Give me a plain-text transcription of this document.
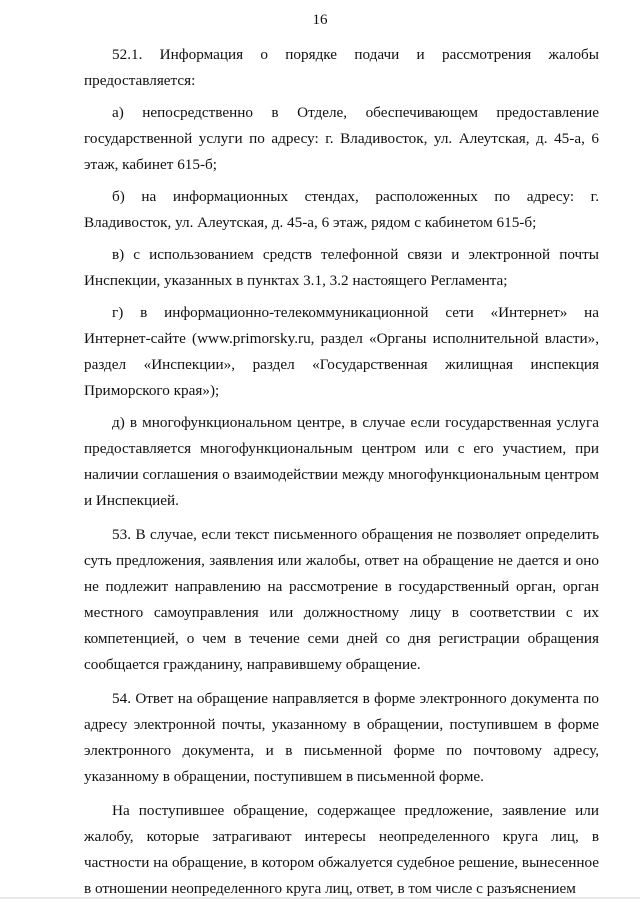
16

52.1. Информация о порядке подачи и рассмотрения жалобы предоставляется:

а) непосредственно в Отделе, обеспечивающем предоставление государственной услуги по адресу: г. Владивосток, ул. Алеутская, д. 45-а, 6 этаж, кабинет 615-б;

б) на информационных стендах, расположенных по адресу: г. Владивосток, ул. Алеутская, д. 45-а, 6 этаж, рядом с кабинетом 615-б;

в) с использованием средств телефонной связи и электронной почты Инспекции, указанных в пунктах 3.1, 3.2 настоящего Регламента;

г) в информационно-телекоммуникационной сети «Интернет» на Интернет-сайте (www.primorsky.ru, раздел «Органы исполнительной власти», раздел «Инспекции», раздел «Государственная жилищная инспекция Приморского края»);

д) в многофункциональном центре, в случае если государственная услуга предоставляется многофункциональным центром или с его участием, при наличии соглашения о взаимодействии между многофункциональным центром и Инспекцией.

53. В случае, если текст письменного обращения не позволяет определить суть предложения, заявления или жалобы, ответ на обращение не дается и оно не подлежит направлению на рассмотрение в государственный орган, орган местного самоуправления или должностному лицу в соответствии с их компетенцией, о чем в течение семи дней со дня регистрации обращения сообщается гражданину, направившему обращение.

54. Ответ на обращение направляется в форме электронного документа по адресу электронной почты, указанному в обращении, поступившем в форме электронного документа, и в письменной форме по почтовому адресу, указанному в обращении, поступившем в письменной форме.

На поступившее обращение, содержащее предложение, заявление или жалобу, которые затрагивают интересы неопределенного круга лиц, в частности на обращение, в котором обжалуется судебное решение, вынесенное в отношении неопределенного круга лиц, ответ, в том числе с разъяснением
